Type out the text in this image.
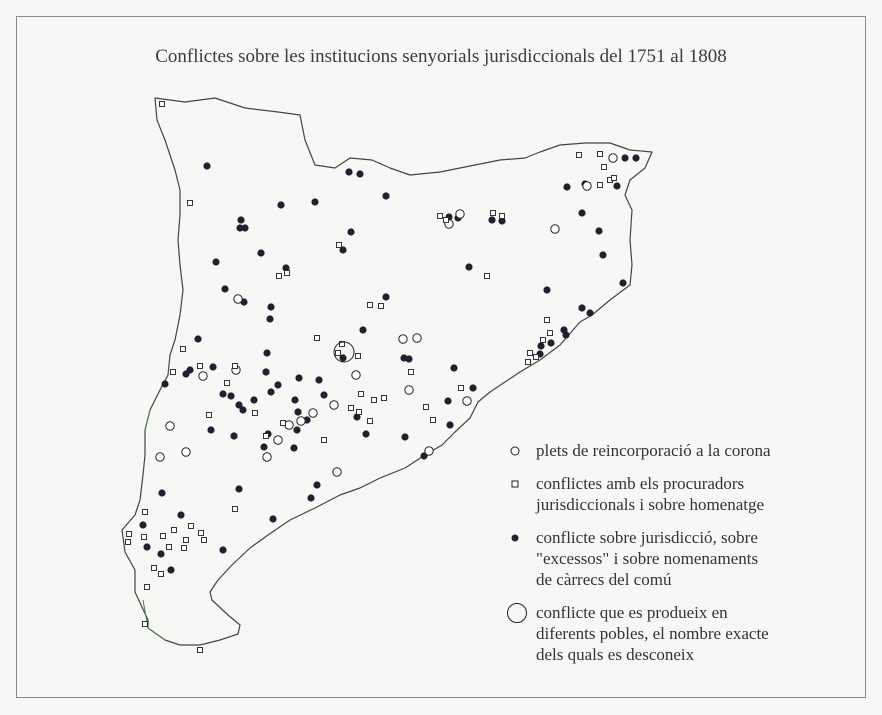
Conflictes sobre les institucions senyorials jurisdiccionals del 1751 al 1808
plets de reincorporació a la corona
conflictes amb els procuradors
jurisdiccionals i sobre homenatge
conflicte sobre jurisdicció, sobre
"excessos" i sobre nomenaments
de càrrecs del comú
conflicte que es produeix en
diferents pobles, el nombre exacte
dels quals es desconeix
